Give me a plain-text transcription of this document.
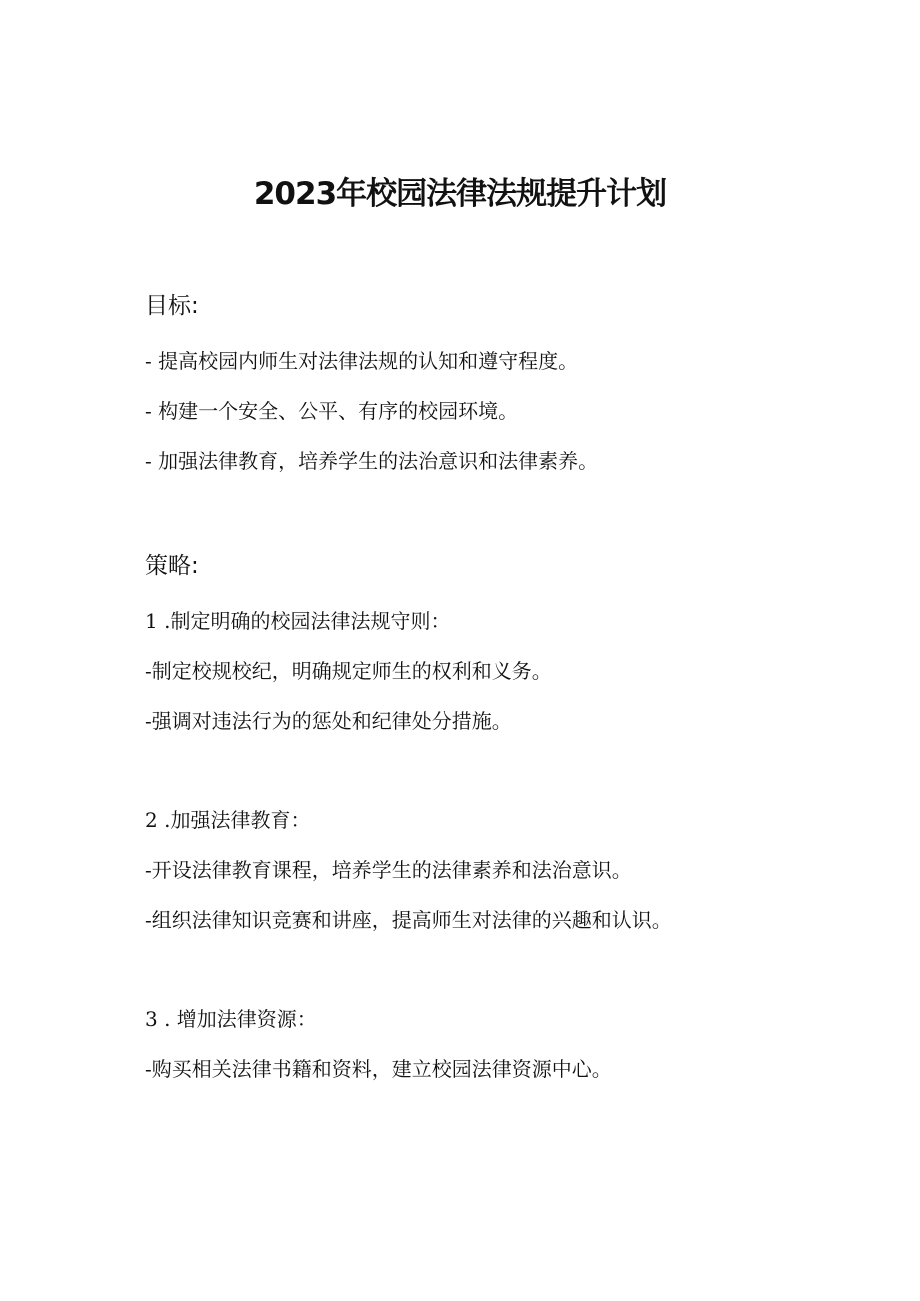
2023年校园法律法规提升计划
目标:
- 提高校园内师生对法律法规的认知和遵守程度。
- 构建一个安全、公平、有序的校园环境。
- 加强法律教育，培养学生的法治意识和法律素养。
策略:
1 .制定明确的校园法律法规守则：
-制定校规校纪，明确规定师生的权利和义务。
-强调对违法行为的惩处和纪律处分措施。
2 .加强法律教育：
-开设法律教育课程，培养学生的法律素养和法治意识。
-组织法律知识竞赛和讲座，提高师生对法律的兴趣和认识。
3 . 增加法律资源：
-购买相关法律书籍和资料，建立校园法律资源中心。
